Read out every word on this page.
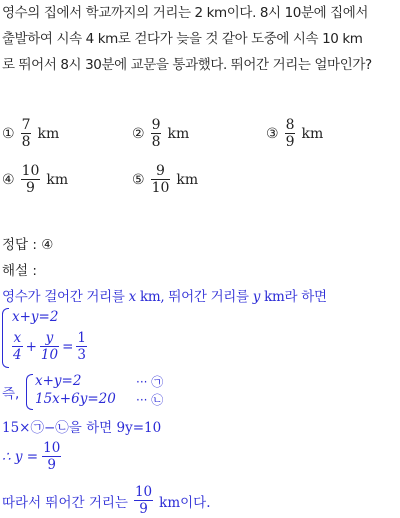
영수의 집에서 학교까지의 거리는 2 km이다. 8시 10분에 집에서
출발하여 시속 4 km로 걷다가 늦을 것 같아 도중에 시속 10 km
로 뛰어서 8시 30분에 교문을 통과했다. 뛰어간 거리는 얼마인가?
① $\frac{7}{8}$ km	② $\frac{9}{8}$ km	③ $\frac{8}{9}$ km
④ $\frac{10}{9}$ km	⑤ $\frac{9}{10}$ km
정답 : ④
해설 :
영수가 걸어간 거리를 x km, 뛰어간 거리를 y km라 하면
x+y=2
$\frac{x}{4} + \frac{y}{10} = \frac{1}{3}$
즉,
x+y=2	··· ㉠
15x+6y=20 ··· ㉡
15×㉠−㉡을 하면 9y=10
∴ $y = \frac{10}{9}$
따라서 뛰어간 거리는 $\frac{10}{9}$ km이다.
